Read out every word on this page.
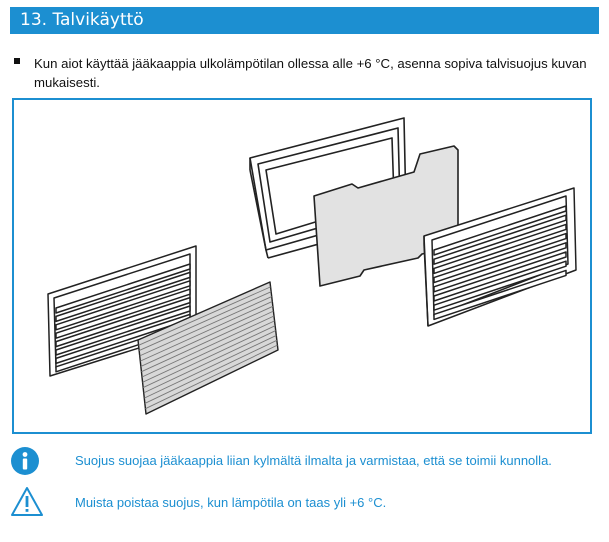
13. Talvikäyttö
Kun aiot käyttää jääkaappia ulkolämpötilan ollessa alle +6 °C, asenna sopiva talvisuojus kuvan mukaisesti.
Suojus suojaa jääkaappia liian kylmältä ilmalta ja varmistaa, että se toimii kunnolla.
Muista poistaa suojus, kun lämpötila on taas yli +6 °C.
